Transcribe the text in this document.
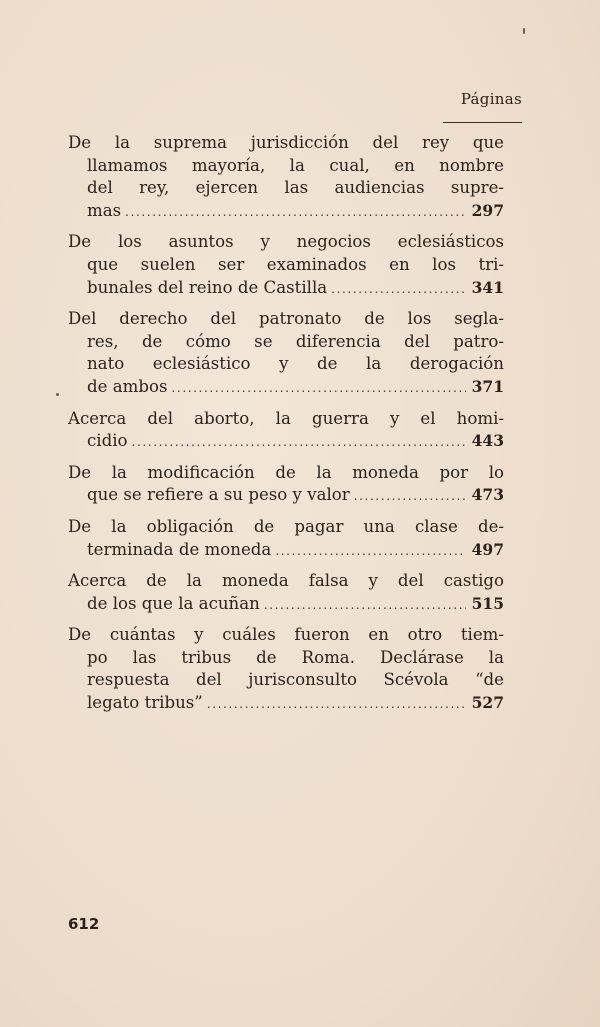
Páginas
De la suprema jurisdicción del rey que
llamamos mayoría, la cual, en nombre
del rey, ejercen las audiencias supre-
mas .....	297
De los asuntos y negocios eclesiásticos
que suelen ser examinados en los tri-
bunales del reino de Castilla .....	341
Del derecho del patronato de los segla-
res, de cómo se diferencia del patro-
nato eclesiástico y de la derogación
de ambos .....	371
Acerca del aborto, la guerra y el homi-
cidio .....	443
De la modificación de la moneda por lo
que se refiere a su peso y valor .....	473
De la obligación de pagar una clase de-
terminada de moneda .....	497
Acerca de la moneda falsa y del castigo
de los que la acuñan .....	515
De cuántas y cuáles fueron en otro tiem-
po las tribus de Roma. Declárase la
respuesta del jurisconsulto Scévola “de
legato tribus” .....	527
612
